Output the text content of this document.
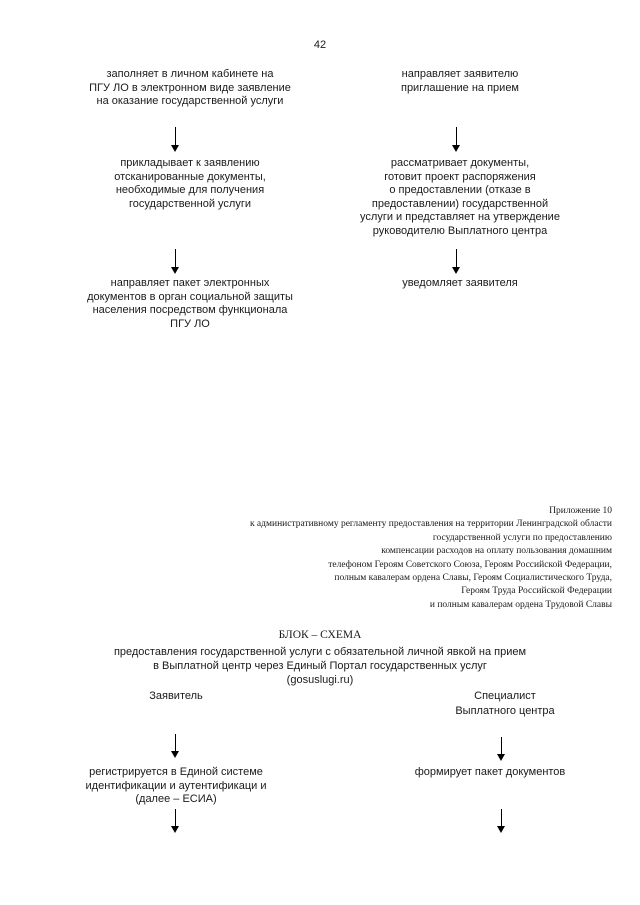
42
заполняет в личном кабинете на
ПГУ ЛО в электронном виде заявление
на оказание государственной услуги
прикладывает к заявлению
отсканированные документы,
необходимые для получения
государственной услуги
направляет пакет электронных
документов в орган социальной защиты
населения посредством функционала
ПГУ ЛО
направляет заявителю
приглашение на прием
рассматривает документы,
готовит проект распоряжения
о предоставлении (отказе в
предоставлении) государственной
услуги и представляет на утверждение
руководителю Выплатного центра
уведомляет заявителя
Приложение 10
к административному регламенту предоставления на территории Ленинградской области
государственной услуги по предоставлению
компенсации расходов на оплату пользования домашним
телефоном Героям Советского Союза, Героям Российской Федерации,
полным кавалерам ордена Славы, Героям Социалистического Труда,
Героям Труда Российской Федерации
и полным кавалерам ордена Трудовой Славы
БЛОК – СХЕМА
предоставления государственной услуги с обязательной личной явкой на прием
в Выплатной центр через Единый Портал государственных услуг
(gosuslugi.ru)
Заявитель	Специалист
Выплатного центра
регистрируется в Единой системе
идентификации и аутентификаци и
(далее – ЕСИА)
формирует пакет документов
